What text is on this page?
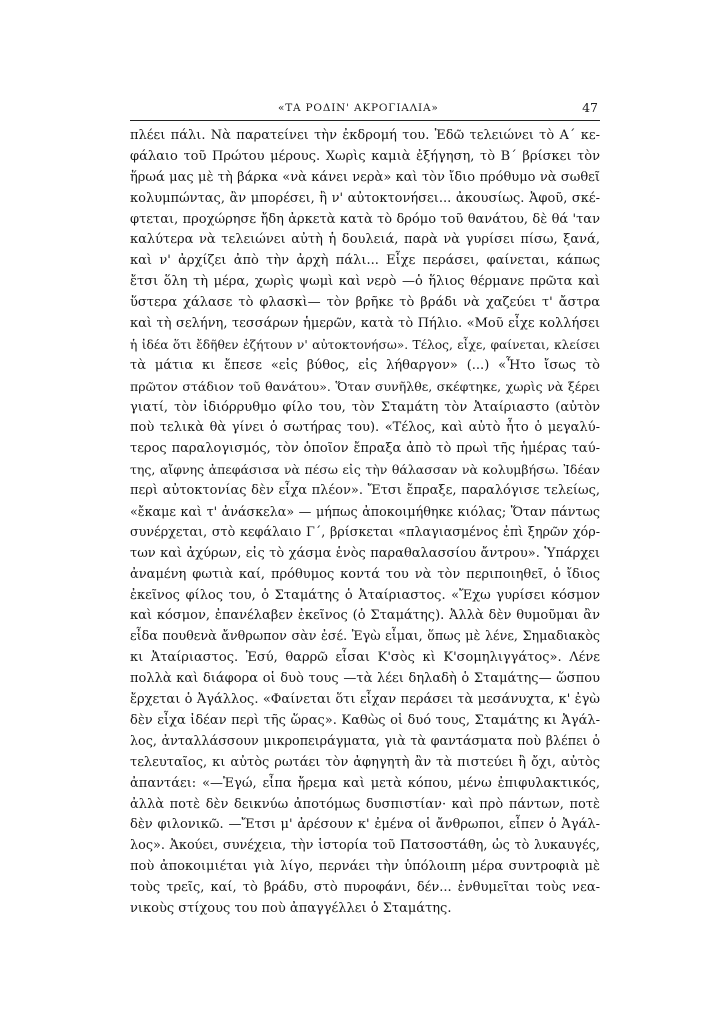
«ΤΑ ΡΟΔΙΝ' ΑΚΡΟΓΙΑΛΙΑ»	47
πλέει πάλι. Νὰ παρατείνει τὴν ἐκδρομή του. Ἐδῶ τελειώνει τὸ Α΄ κε-
φάλαιο τοῦ Πρώτου μέρους. Χωρὶς καμιὰ ἐξήγηση, τὸ Β΄ βρίσκει τὸν
ἥρωά μας μὲ τὴ βάρκα «νὰ κάνει νερὰ» καὶ τὸν ἴδιο πρόθυμο νὰ σωθεῖ
κολυμπώντας, ἂν μπορέσει, ἢ ν' αὐτοκτονήσει... ἀκουσίως. Ἀφοῦ, σκέ-
φτεται, προχώρησε ἤδη ἀρκετὰ κατὰ τὸ δρόμο τοῦ θανάτου, δὲ θά 'ταν
καλύτερα νὰ τελειώνει αὐτὴ ἡ δουλειά, παρὰ νὰ γυρίσει πίσω, ξανά,
καὶ ν' ἀρχίζει ἀπὸ τὴν ἀρχὴ πάλι... Εἶχε περάσει, φαίνεται, κάπως
ἔτσι ὅλη τὴ μέρα, χωρὶς ψωμὶ καὶ νερὸ —ὁ ἥλιος θέρμανε πρῶτα καὶ
ὕστερα χάλασε τὸ φλασκὶ— τὸν βρῆκε τὸ βράδι νὰ χαζεύει τ' ἄστρα
καὶ τὴ σελήνη, τεσσάρων ἡμερῶν, κατὰ τὸ Πήλιο. «Μοῦ εἶχε κολλήσει
ἡ ἰδέα ὅτι ἔδῆθεν ἐζήτουν ν' αὐτοκτονήσω». Τέλος, εἶχε, φαίνεται, κλείσει
τὰ μάτια κι ἔπεσε «εἰς βύθος, εἰς λήθαργον» (...) «Ἦτο ἴσως τὸ
πρῶτον στάδιον τοῦ θανάτου». Ὅταν συνῆλθε, σκέφτηκε, χωρὶς νὰ ξέρει
γιατί, τὸν ἰδιόρρυθμο φίλο του, τὸν Σταμάτη τὸν Ἀταίριαστο (αὐτὸν
ποὺ τελικὰ θὰ γίνει ὁ σωτήρας του). «Τέλος, καὶ αὐτὸ ἦτο ὁ μεγαλύ-
τερος παραλογισμός, τὸν ὁποῖον ἔπραξα ἀπὸ τὸ πρωὶ τῆς ἡμέρας ταύ-
της, αἴφνης ἀπεφάσισα νὰ πέσω εἰς τὴν θάλασσαν νὰ κολυμβήσω. Ἰδέαν
περὶ αὐτοκτονίας δὲν εἶχα πλέον». Ἔτσι ἔπραξε, παραλόγισε τελείως,
«ἔκαμε καὶ τ' ἀνάσκελα» — μήπως ἀποκοιμήθηκε κιόλας; Ὅταν πάντως
συνέρχεται, στὸ κεφάλαιο Γ΄, βρίσκεται «πλαγιασμένος ἐπὶ ξηρῶν χόρ-
των καὶ ἀχύρων, εἰς τὸ χάσμα ἑνὸς παραθαλασσίου ἄντρου». Ὑπάρχει
ἀναμένη φωτιὰ καί, πρόθυμος κοντά του νὰ τὸν περιποιηθεῖ, ὁ ἴδιος
ἐκεῖνος φίλος του, ὁ Σταμάτης ὁ Ἀταίριαστος. «Ἔχω γυρίσει κόσμον
καὶ κόσμον, ἐπανέλαβεν ἐκεῖνος (ὁ Σταμάτης). Ἀλλὰ δὲν θυμοῦμαι ἂν
εἶδα πουθενὰ ἄνθρωπον σὰν ἐσέ. Ἐγὼ εἶμαι, ὅπως μὲ λένε, Σημαδιακὸς
κι Ἀταίριαστος. Ἐσύ, θαρρῶ εἶσαι Κ'σὸς κὶ Κ'σομηλιγγάτος». Λένε
πολλὰ καὶ διάφορα οἱ δυὸ τους —τὰ λέει δηλαδὴ ὁ Σταμάτης— ὥσπου
ἔρχεται ὁ Ἀγάλλος. «Φαίνεται ὅτι εἶχαν περάσει τὰ μεσάνυχτα, κ' ἐγὼ
δὲν εἶχα ἰδέαν περὶ τῆς ὥρας». Καθὼς οἱ δυό τους, Σταμάτης κι Ἀγάλ-
λος, ἀνταλλάσσουν μικροπειράγματα, γιὰ τὰ φαντάσματα ποὺ βλέπει ὁ
τελευταῖος, κι αὐτὸς ρωτάει τὸν ἀφηγητὴ ἂν τὰ πιστεύει ἢ ὄχι, αὐτὸς
ἀπαντάει: «—Ἐγώ, εἶπα ἤρεμα καὶ μετὰ κόπου, μένω ἐπιφυλακτικός,
ἀλλὰ ποτὲ δὲν δεικνύω ἀποτόμως δυσπιστίαν· καὶ πρὸ πάντων, ποτὲ
δὲν φιλονικῶ. —Ἔτσι μ' ἀρέσουν κ' ἐμένα οἱ ἄνθρωποι, εἶπεν ὁ Ἀγάλ-
λος». Ἀκούει, συνέχεια, τὴν ἱστορία τοῦ Πατσοστάθη, ὡς τὸ λυκαυγές,
ποὺ ἀποκοιμιέται γιὰ λίγο, περνάει τὴν ὑπόλοιπη μέρα συντροφιὰ μὲ
τοὺς τρεῖς, καί, τὸ βράδυ, στὸ πυροφάνι, δέν... ἐνθυμεῖται τοὺς νεα-
νικοὺς στίχους του ποὺ ἀπαγγέλλει ὁ Σταμάτης.
